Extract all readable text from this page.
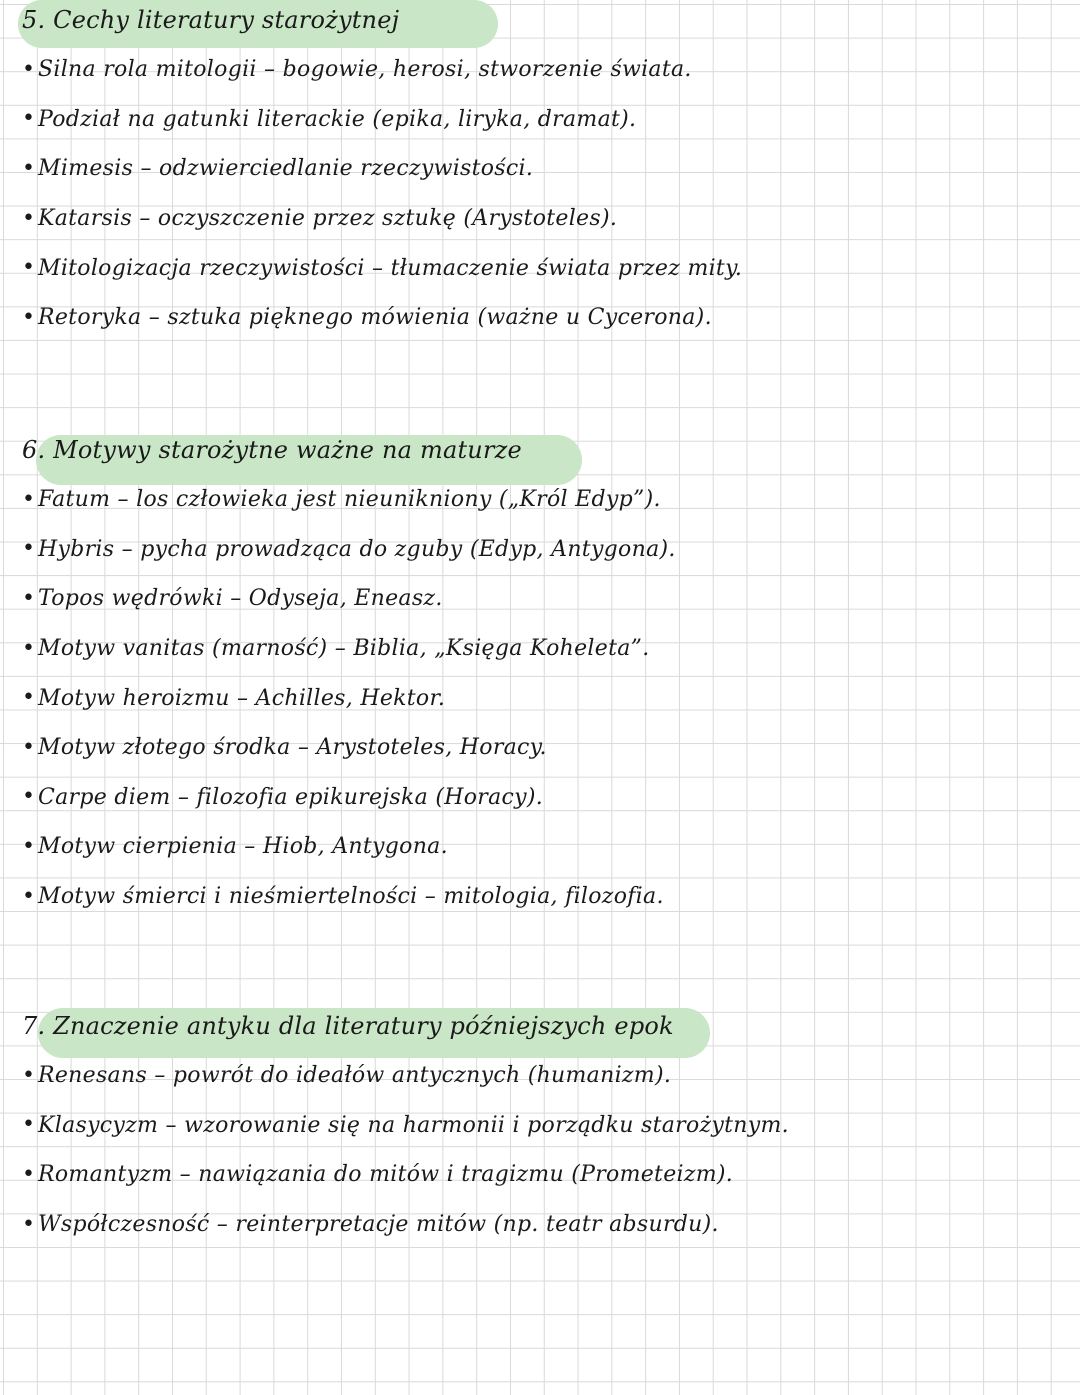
5. Cechy literatury starożytnej
• Silna rola mitologii – bogowie, herosi, stworzenie świata.
• Podział na gatunki literackie (epika, liryka, dramat).
• Mimesis – odzwierciedlanie rzeczywistości.
• Katarsis – oczyszczenie przez sztukę (Arystoteles).
• Mitologizacja rzeczywistości – tłumaczenie świata przez mity.
• Retoryka – sztuka pięknego mówienia (ważne u Cycerona).
6. Motywy starożytne ważne na maturze
• Fatum – los człowieka jest nieunikniony („Król Edyp”).
• Hybris – pycha prowadząca do zguby (Edyp, Antygona).
• Topos wędrówki – Odyseja, Eneasz.
• Motyw vanitas (marność) – Biblia, „Księga Koheleta”.
• Motyw heroizmu – Achilles, Hektor.
• Motyw złotego środka – Arystoteles, Horacy.
• Carpe diem – filozofia epikurejska (Horacy).
• Motyw cierpienia – Hiob, Antygona.
• Motyw śmierci i nieśmiertelności – mitologia, filozofia.
7. Znaczenie antyku dla literatury późniejszych epok
• Renesans – powrót do ideałów antycznych (humanizm).
• Klasycyzm – wzorowanie się na harmonii i porządku starożytnym.
• Romantyzm – nawiązania do mitów i tragizmu (Prometeizm).
• Współczesność – reinterpretacje mitów (np. teatr absurdu).
